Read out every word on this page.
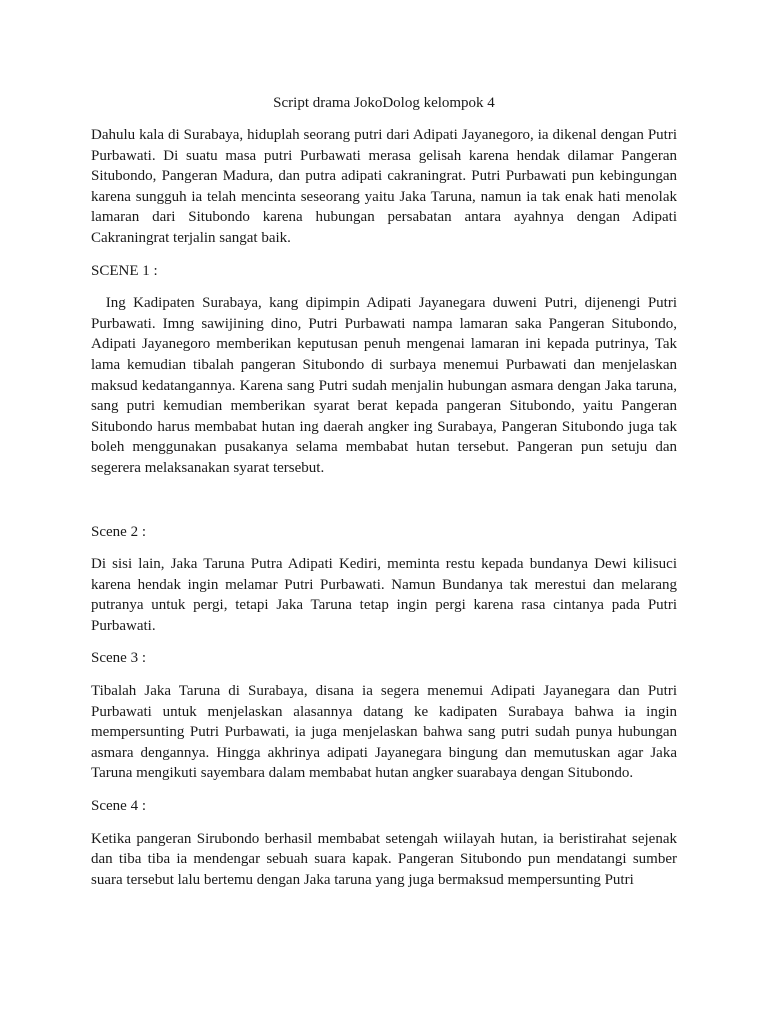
Script drama JokoDolog kelompok 4

Dahulu kala di Surabaya, hiduplah seorang putri dari Adipati Jayanegoro, ia dikenal dengan Putri Purbawati. Di suatu masa putri Purbawati merasa gelisah karena hendak dilamar Pangeran Situbondo, Pangeran Madura, dan putra adipati cakraningrat. Putri Purbawati pun kebingungan karena sungguh ia telah mencinta seseorang yaitu Jaka Taruna, namun ia tak enak hati menolak lamaran dari Situbondo karena hubungan persabatan antara ayahnya dengan Adipati Cakraningrat terjalin sangat baik.

SCENE 1 :

Ing Kadipaten Surabaya, kang dipimpin Adipati Jayanegara duweni Putri, dijenengi Putri Purbawati. Imng sawijining dino, Putri Purbawati nampa lamaran saka Pangeran Situbondo, Adipati Jayanegoro memberikan keputusan penuh mengenai lamaran ini kepada putrinya, Tak lama kemudian tibalah pangeran Situbondo di surbaya menemui Purbawati dan menjelaskan maksud kedatangannya. Karena sang Putri sudah menjalin hubungan asmara dengan Jaka taruna, sang putri kemudian memberikan syarat berat kepada pangeran Situbondo, yaitu Pangeran Situbondo harus membabat hutan ing daerah angker ing Surabaya, Pangeran Situbondo juga tak boleh menggunakan pusakanya selama membabat hutan tersebut. Pangeran pun setuju dan segerera melaksanakan syarat tersebut.

Scene 2 :

Di sisi lain, Jaka Taruna Putra Adipati Kediri, meminta restu kepada bundanya Dewi kilisuci karena hendak ingin melamar Putri Purbawati. Namun Bundanya tak merestui dan melarang putranya untuk pergi, tetapi Jaka Taruna tetap ingin pergi karena rasa cintanya pada Putri Purbawati.

Scene 3 :

Tibalah Jaka Taruna di Surabaya, disana ia segera menemui Adipati Jayanegara dan Putri Purbawati untuk menjelaskan alasannya datang ke kadipaten Surabaya bahwa ia ingin mempersunting Putri Purbawati, ia juga menjelaskan bahwa sang putri sudah punya hubungan asmara dengannya. Hingga akhrinya adipati Jayanegara bingung dan memutuskan agar Jaka Taruna mengikuti sayembara dalam membabat hutan angker suarabaya dengan Situbondo.

Scene 4 :

Ketika pangeran Sirubondo berhasil membabat setengah wiilayah hutan, ia beristirahat sejenak dan tiba tiba ia mendengar sebuah suara kapak. Pangeran Situbondo pun mendatangi sumber suara tersebut lalu bertemu dengan Jaka taruna yang juga bermaksud mempersunting Putri
